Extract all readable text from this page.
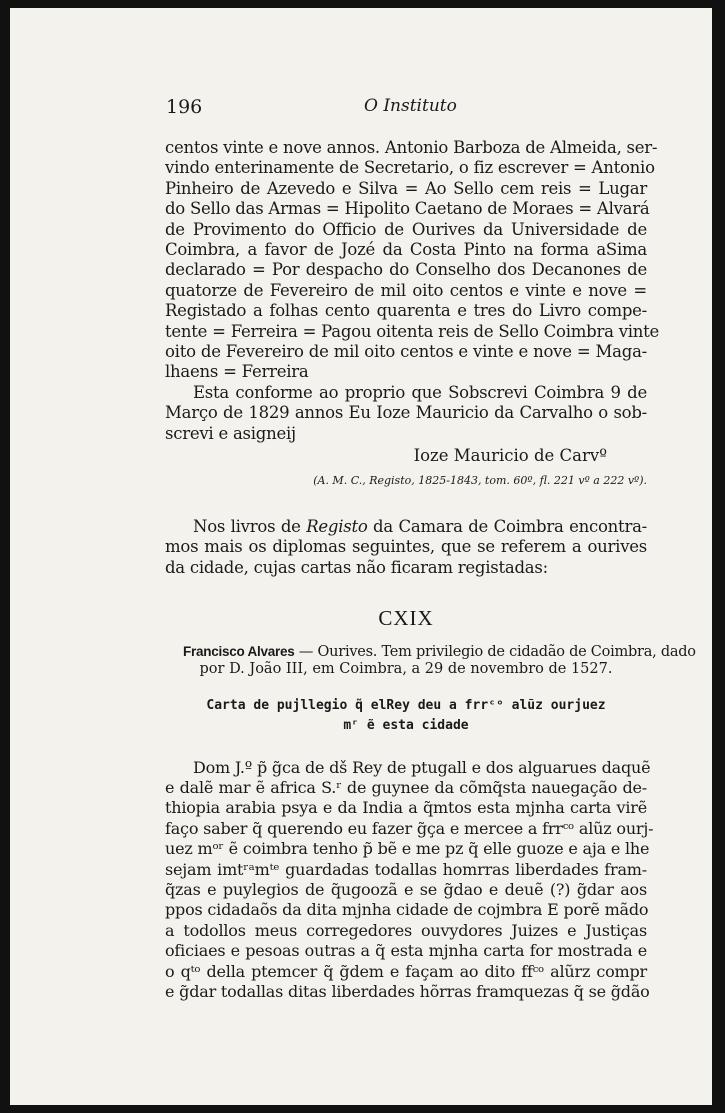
196	O Instituto
centos vinte e nove annos. Antonio Barboza de Almeida, ser-
vindo enterinamente de Secretario, o fiz escrever = Antonio
Pinheiro de Azevedo e Silva = Ao Sello cem reis = Lugar
do Sello das Armas = Hipolito Caetano de Moraes = Alvará
de Provimento do Officio de Ourives da Universidade de
Coimbra, a favor de Jozé da Costa Pinto na forma aSima
declarado = Por despacho do Conselho dos Decanones de
quatorze de Fevereiro de mil oito centos e vinte e nove =
Registado a folhas cento quarenta e tres do Livro compe-
tente = Ferreira = Pagou oitenta reis de Sello Coimbra vinte
oito de Fevereiro de mil oito centos e vinte e nove = Maga-
lhaens = Ferreira
Esta conforme ao proprio que Sobscrevi Coimbra 9 de
Março de 1829 annos Eu Ioze Mauricio da Carvalho o sob-
screvi e asigneij
Ioze Mauricio de Carvº
(A. M. C., Registo, 1825-1843, tom. 60º, fl. 221 vº a 222 vº).
Nos livros de Registo da Camara de Coimbra encontra-
mos mais os diplomas seguintes, que se referem a ourives
da cidade, cujas cartas não ficaram registadas:
CXIX
Francisco Alvares — Ourives. Tem privilegio de cidadão de Coimbra, dado
por D. João III, em Coimbra, a 29 de novembro de 1527.
Carta de pujllegio q̃ elRey deu a frrᶜᵒ alũz ourjuez
mʳ ẽ esta cidade
Dom J.º p̃ g̃ca de dš Rey de ptugall e dos alguarues daquẽ
e dalẽ mar ẽ africa S.ʳ de guynee da cõmq̃sta nauegação de-
thiopia arabia psya e da India a q̃mtos esta mjnha carta virẽ
faço saber q̃ querendo eu fazer g̃ça e mercee a frrᶜᵒ alũz ourj-
uez mᵒʳ ẽ coimbra tenho p̃ bẽ e me pz q̃ elle guoze e aja e lhe
sejam imtʳᵃmᵗᵉ guardadas todallas homrras liberdades fram-
q̃zas e puylegios de q̃ugoozã e se g̃dao e deuẽ (?) g̃dar aos
ppos cidadaõs da dita mjnha cidade de cojmbra E porẽ mãdo
a todollos meus corregedores ouvydores Juizes e Justiças
oficiaes e pesoas outras a q̃ esta mjnha carta for mostrada e
o qᵗᵒ della ptemcer q̃ g̃dem e façam ao dito ffᶜᵒ alũrz compr
e g̃dar todallas ditas liberdades hõrras framquezas q̃ se g̃dão
